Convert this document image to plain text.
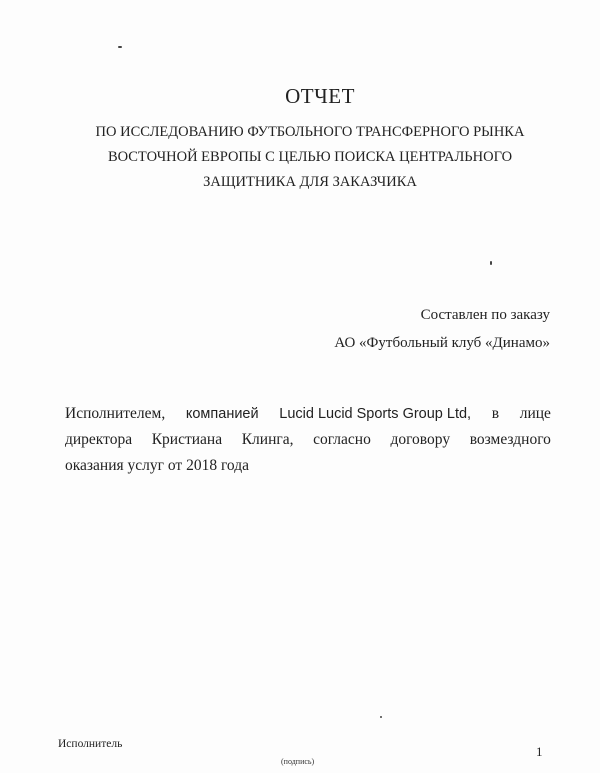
ОТЧЕТ
ПО ИССЛЕДОВАНИЮ ФУТБОЛЬНОГО ТРАНСФЕРНОГО РЫНКА
ВОСТОЧНОЙ ЕВРОПЫ С ЦЕЛЬЮ ПОИСКА ЦЕНТРАЛЬНОГО
ЗАЩИТНИКА ДЛЯ ЗАКАЗЧИКА
Составлен по заказу
АО «Футбольный клуб «Динамо»
Исполнителем, компанией Lucid Lucid Sports Group Ltd, в лице
директора Кристиана Клинга, согласно договору возмездного
оказания услуг от 2018 года
Исполнитель
(подпись)
1
